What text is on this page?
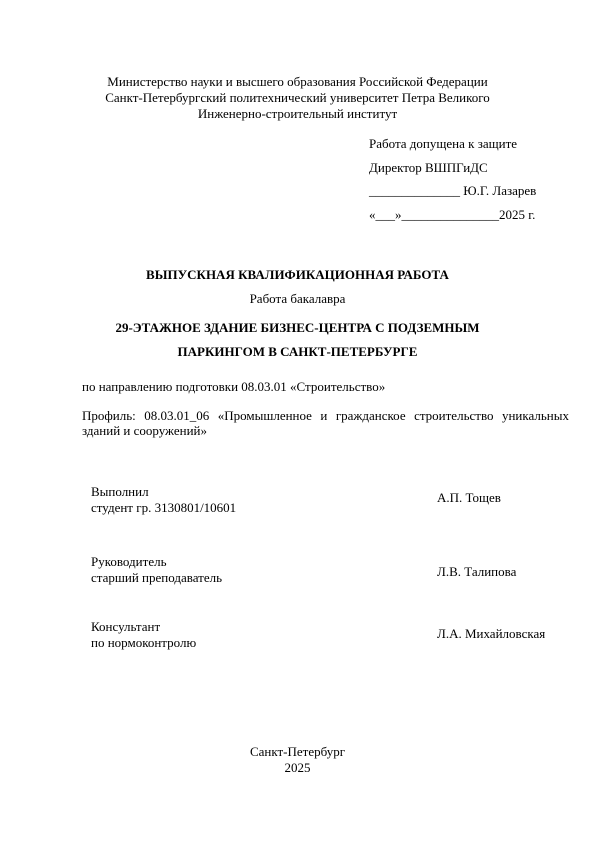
Министерство науки и высшего образования Российской Федерации
Санкт-Петербургский политехнический университет Петра Великого
Инженерно-строительный институт
Работа допущена к защите
Директор ВШПГиДС
______________ Ю.Г. Лазарев
«___»_______________2025 г.
ВЫПУСКНАЯ КВАЛИФИКАЦИОННАЯ РАБОТА
Работа бакалавра
29-ЭТАЖНОЕ ЗДАНИЕ БИЗНЕС-ЦЕНТРА С ПОДЗЕМНЫМ
ПАРКИНГОМ В САНКТ-ПЕТЕРБУРГЕ
по направлению подготовки 08.03.01 «Строительство»
Профиль: 08.03.01_06 «Промышленное и гражданское строительство уникальных зданий и сооружений»
Выполнил
студент гр. 3130801/10601
А.П. Тощев
Руководитель
старший преподаватель	Л.В. Талипова
Консультант
по нормоконтролю
Л.А. Михайловская
Санкт-Петербург
2025
